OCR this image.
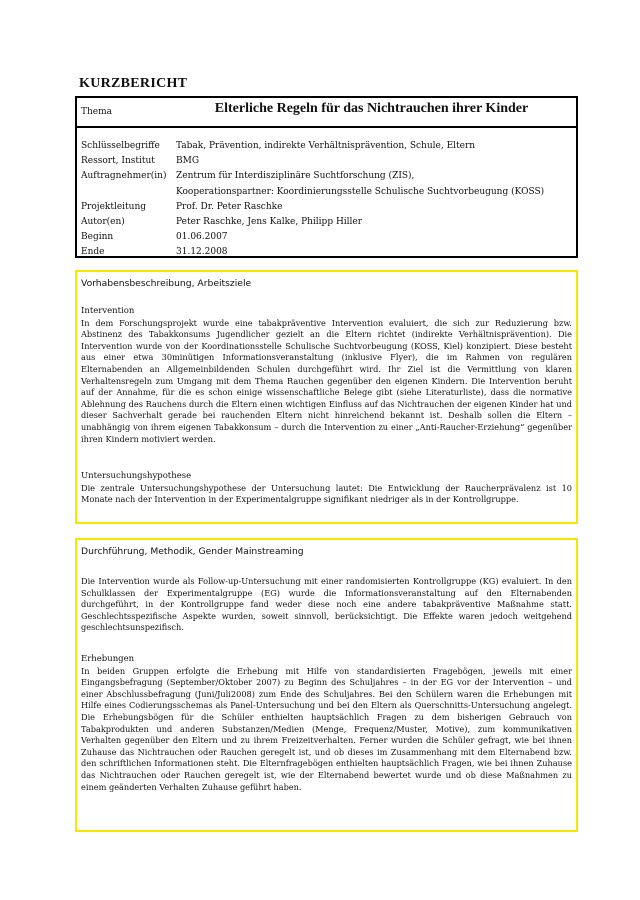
KURZBERICHT
Thema	Elterliche Regeln für das Nichtrauchen ihrer Kinder
Schlüsselbegriffe	Tabak, Prävention, indirekte Verhältnisprävention, Schule, Eltern
Ressort, Institut	BMG
Auftragnehmer(in)	Zentrum für Interdisziplinäre Suchtforschung (ZIS),
Kooperationspartner: Koordinierungsstelle Schulische Suchtvorbeugung (KOSS)
Projektleitung	Prof. Dr. Peter Raschke
Autor(en)	Peter Raschke, Jens Kalke, Philipp Hiller
Beginn	01.06.2007
Ende	31.12.2008
Vorhabensbeschreibung, Arbeitsziele
Intervention

In dem Forschungsprojekt wurde eine tabakpräventive Intervention evaluiert, die sich zur Reduzierung bzw. Abstinenz des Tabakkonsums Jugendlicher gezielt an die Eltern richtet (indirekte Verhältnisprävention). Die Intervention wurde von der Koordinationsstelle Schulische Suchtvorbeugung (KOSS, Kiel) konzipiert. Diese besteht aus einer etwa 30minütigen Informationsveranstaltung (inklusive Flyer), die im Rahmen von regulären Elternabenden an Allgemeinbildenden Schulen durchgeführt wird. Ihr Ziel ist die Vermittlung von klaren Verhaltensregeln zum Umgang mit dem Thema Rauchen gegenüber den eigenen Kindern. Die Intervention beruht auf der Annahme, für die es schon einige wissenschaftliche Belege gibt (siehe Literaturliste), dass die normative Ablehnung des Rauchens durch die Eltern einen wichtigen Einfluss auf das Nichtrauchen der eigenen Kinder hat und dieser Sachverhalt gerade bei rauchenden Eltern nicht hinreichend bekannt ist. Deshalb sollen die Eltern – unabhängig von ihrem eigenen Tabakkonsum – durch die Intervention zu einer „Anti-Raucher-Erziehung“ gegenüber ihren Kindern motiviert werden.

Untersuchungshypothese

Die zentrale Untersuchungshypothese der Untersuchung lautet: Die Entwicklung der Raucherprävalenz ist 10 Monate nach der Intervention in der Experimentalgruppe signifikant niedriger als in der Kontrollgruppe.

Durchführung, Methodik, Gender Mainstreaming

Die Intervention wurde als Follow-up-Untersuchung mit einer randomisierten Kontrollgruppe (KG) evaluiert. In den Schulklassen der Experimentalgruppe (EG) wurde die Informationsveranstaltung auf den Elternabenden durchgeführt, in der Kontrollgruppe fand weder diese noch eine andere tabakpräventive Maßnahme statt. Geschlechtsspezifische Aspekte wurden, soweit sinnvoll, berücksichtigt. Die Effekte waren jedoch weitgehend geschlechtsunspezifisch.

Erhebungen

In beiden Gruppen erfolgte die Erhebung mit Hilfe von standardisierten Fragebögen, jeweils mit einer Eingangsbefragung (September/Oktober 2007) zu Beginn des Schuljahres – in der EG vor der Intervention – und einer Abschlussbefragung (Juni/Juli2008) zum Ende des Schuljahres. Bei den Schülern waren die Erhebungen mit Hilfe eines Codierungsschemas als Panel-Untersuchung und bei den Eltern als Querschnitts-Untersuchung angelegt. Die Erhebungsbögen für die Schüler enthielten hauptsächlich Fragen zu dem bisherigen Gebrauch von Tabakprodukten und anderen Substanzen/Medien (Menge, Frequenz/Muster, Motive), zum kommunikativen Verhalten gegenüber den Eltern und zu ihrem Freizeitverhalten. Ferner wurden die Schüler gefragt, wie bei ihnen Zuhause das Nichtrauchen oder Rauchen geregelt ist, und ob dieses im Zusammenhang mit dem Elternabend bzw. den schriftlichen Informationen steht. Die Elternfragebögen enthielten hauptsächlich Fragen, wie bei ihnen Zuhause das Nichtrauchen oder Rauchen geregelt ist, wie der Elternabend bewertet wurde und ob diese Maßnahmen zu einem geänderten Verhalten Zuhause geführt haben.
